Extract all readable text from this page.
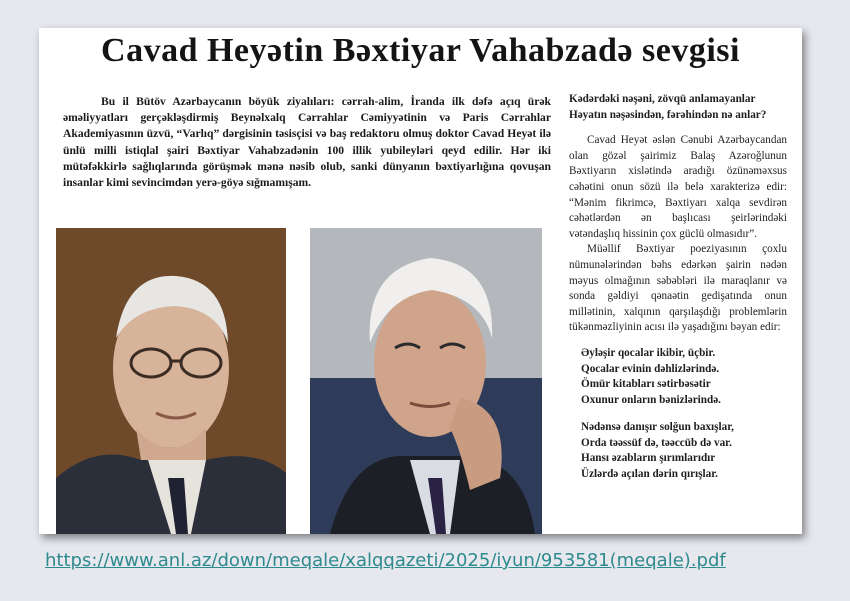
Cavad Heyətin Bəxtiyar Vahabzadə sevgisi
Bu il Bütöv Azərbaycanın böyük ziyalıları: cərrah-alim, İranda ilk dəfə açıq ürək əməliyyatları gerçəkləşdirmiş Beynəlxalq Cərrahlar Cəmiyyətinin və Paris Cərrahlar Akademiyasının üzvü, “Varlıq” dərgisinin təsisçisi və baş redaktoru olmuş doktor Cavad Heyət ilə ünlü milli istiqlal şairi Bəxtiyar Vahabzadənin 100 illik yubileyləri qeyd edilir. Hər iki mütəfəkkirlə sağlıqlarında görüşmək mənə nəsib olub, sanki dünyanın bəxtiyarlığına qovuşan insanlar kimi sevincimdən yerə-göyə sığmamışam.
Kədərdəki nəşəni, zövqü anlamayanlar
Həyatın nəşəsindən, fərəhindən nə anlar?

Cavad Heyət əslən Cənubi Azərbaycandan olan gözəl şairimiz Balaş Azəroğlunun Bəxtiyarın xislətində aradığı özünəməxsus cəhətini onun sözü ilə belə xarakterizə edir: “Mənim fikrimcə, Bəxtiyarı xalqa sevdirən cəhətlərdən ən başlıcası şeirlərindəki vətəndaşlıq hissinin çox güclü olmasıdır”.

Müəllif Bəxtiyar poeziyasının çoxlu nümunələrindən bəhs edərkən şairin nədən məyus olmağının səbəbləri ilə maraqlanır və sonda gəldiyi qənaətin gedişatında onun millətinin, xalqının qarşılaşdığı problemlərin tükənməzliyinin acısı ilə yaşadığını bəyan edir:

Əyləşir qocalar ikibir, üçbir.

Qocalar evinin dəhlizlərində.

Ömür kitabları sətirbəsətir

Oxunur onların bənizlərində.

Nədənsə danışır solğun baxışlar,

Orda təəssüf də, təəccüb də var.

Hansı əzabların şırımlarıdır

Üzlərdə açılan dərin qırışlar.

https://www.anl.az/down/meqale/xalqqazeti/2025/iyun/953581(meqale).pdf
